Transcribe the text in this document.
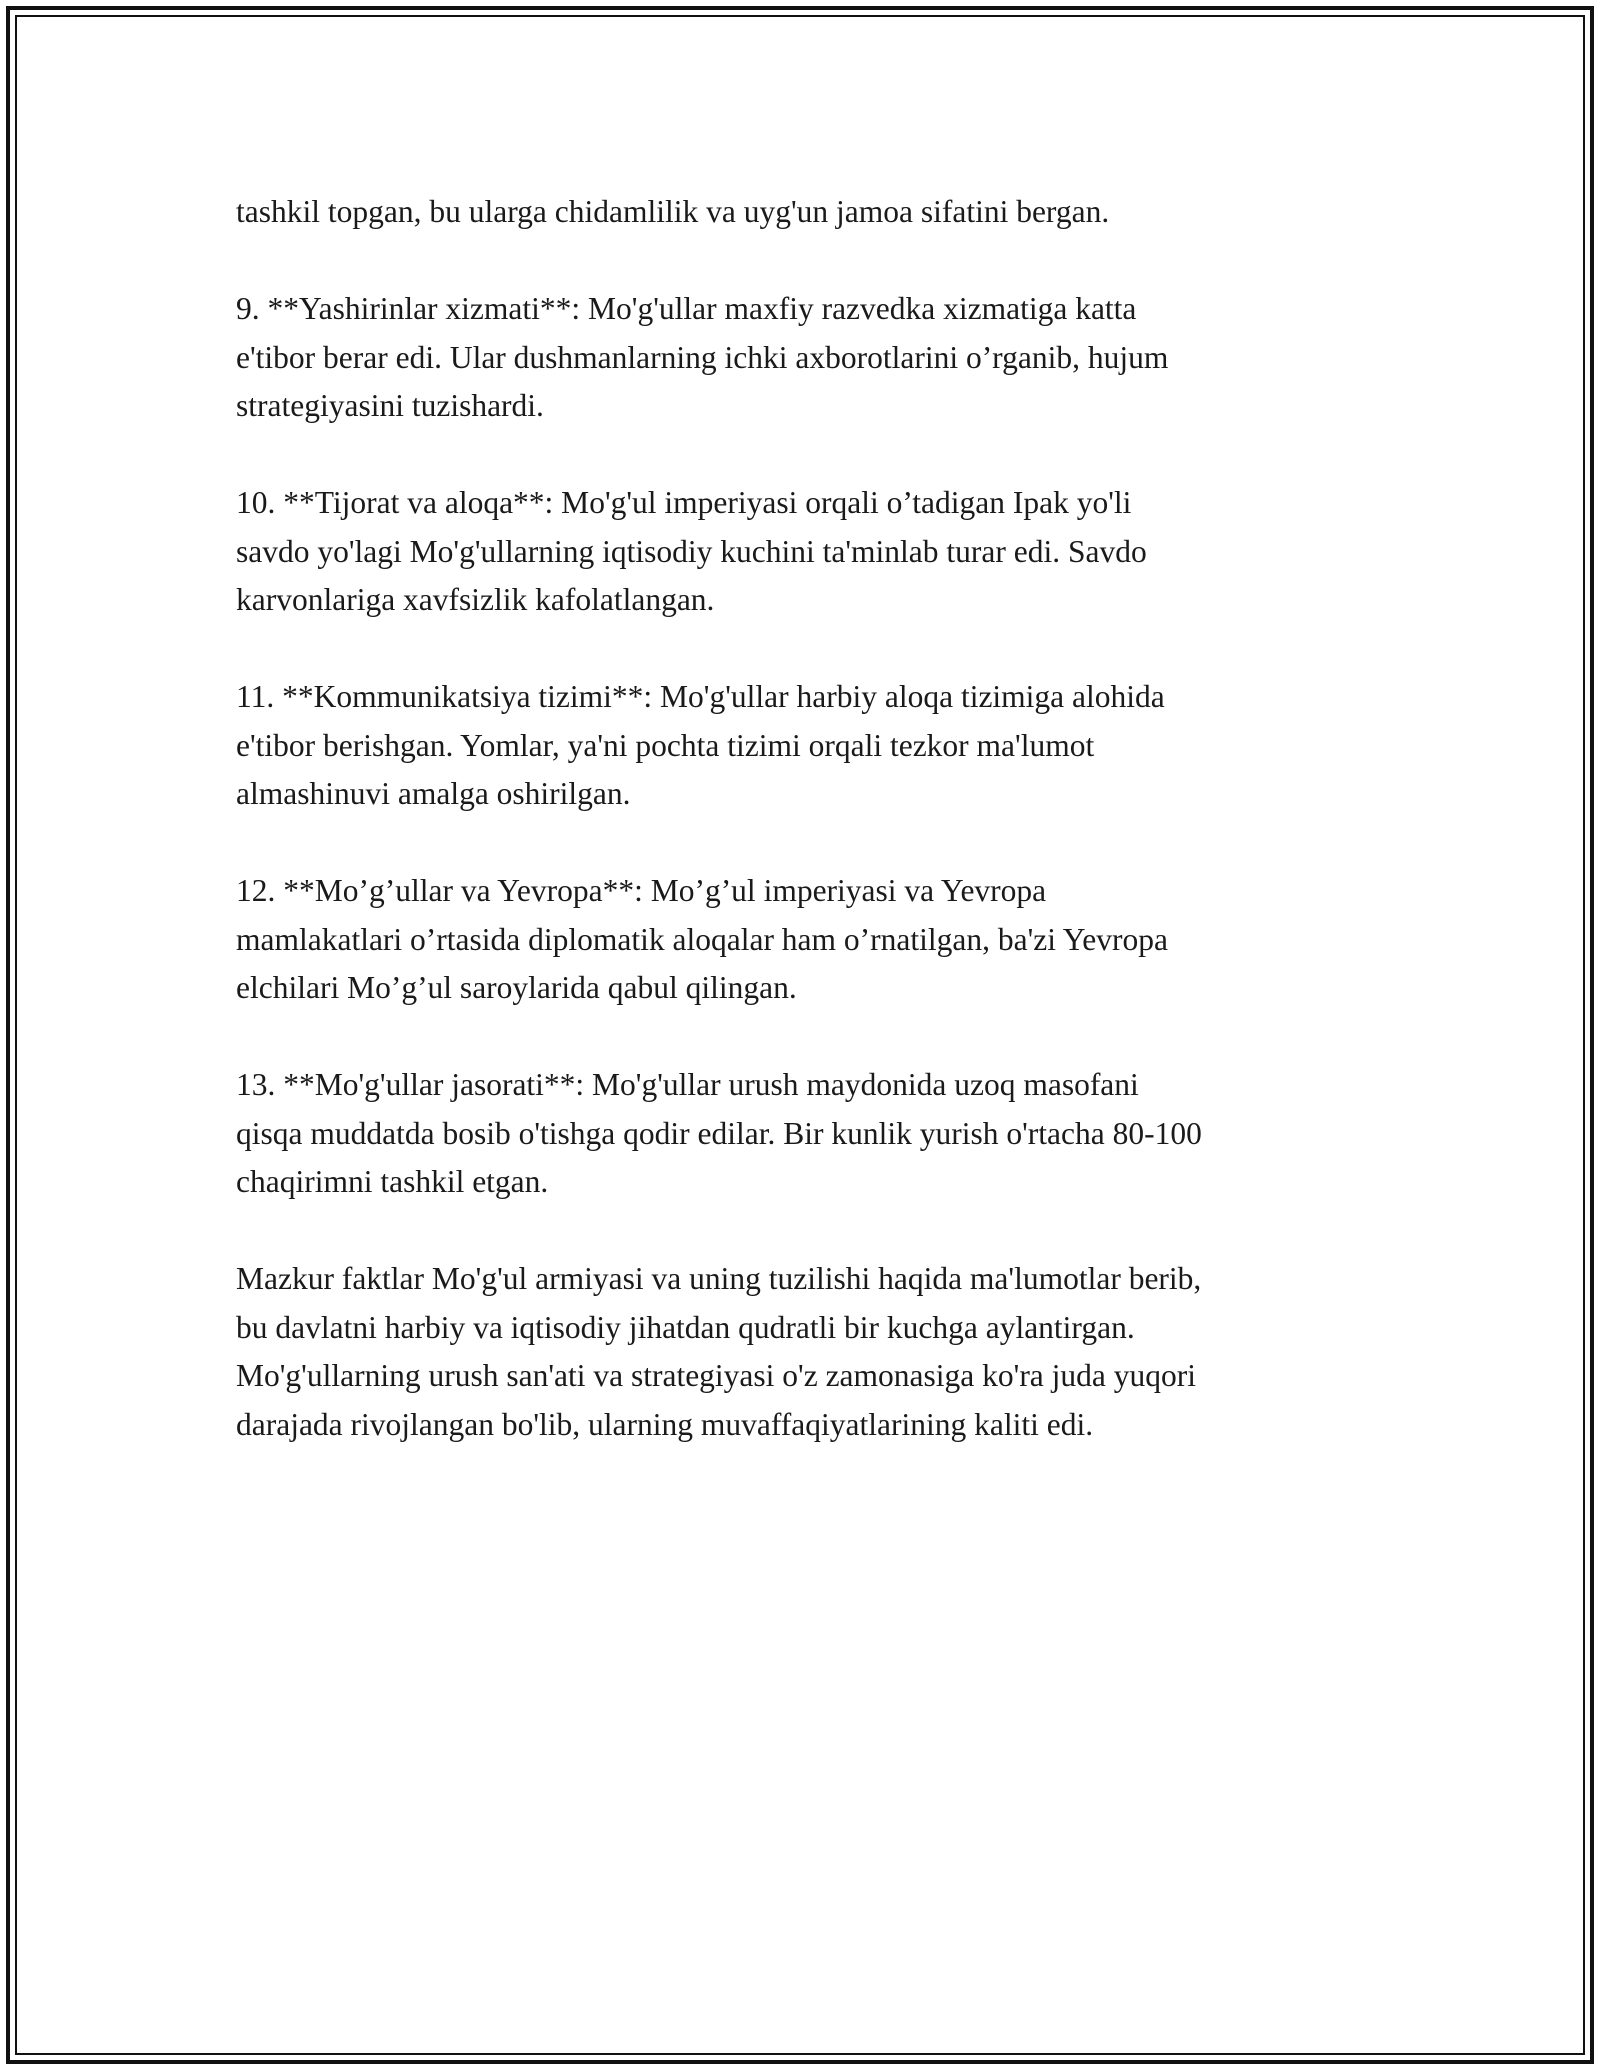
tashkil topgan, bu ularga chidamlilik va uyg'un jamoa sifatini bergan.

9. **Yashirinlar xizmati**: Mo'g'ullar maxfiy razvedka xizmatiga katta
e'tibor berar edi. Ular dushmanlarning ichki axborotlarini o’rganib, hujum
strategiyasini tuzishardi.

10. **Tijorat va aloqa**: Mo'g'ul imperiyasi orqali o’tadigan Ipak yo'li
savdo yo'lagi Mo'g'ullarning iqtisodiy kuchini ta'minlab turar edi. Savdo
karvonlariga xavfsizlik kafolatlangan.

11. **Kommunikatsiya tizimi**: Mo'g'ullar harbiy aloqa tizimiga alohida
e'tibor berishgan. Yomlar, ya'ni pochta tizimi orqali tezkor ma'lumot
almashinuvi amalga oshirilgan.

12. **Mo’g’ullar va Yevropa**: Mo’g’ul imperiyasi va Yevropa
mamlakatlari o’rtasida diplomatik aloqalar ham o’rnatilgan, ba'zi Yevropa
elchilari Mo’g’ul saroylarida qabul qilingan.

13. **Mo'g'ullar jasorati**: Mo'g'ullar urush maydonida uzoq masofani
qisqa muddatda bosib o'tishga qodir edilar. Bir kunlik yurish o'rtacha 80-100
chaqirimni tashkil etgan.

Mazkur faktlar Mo'g'ul armiyasi va uning tuzilishi haqida ma'lumotlar berib,
bu davlatni harbiy va iqtisodiy jihatdan qudratli bir kuchga aylantirgan.
Mo'g'ullarning urush san'ati va strategiyasi o'z zamonasiga ko'ra juda yuqori
darajada rivojlangan bo'lib, ularning muvaffaqiyatlarining kaliti edi.
